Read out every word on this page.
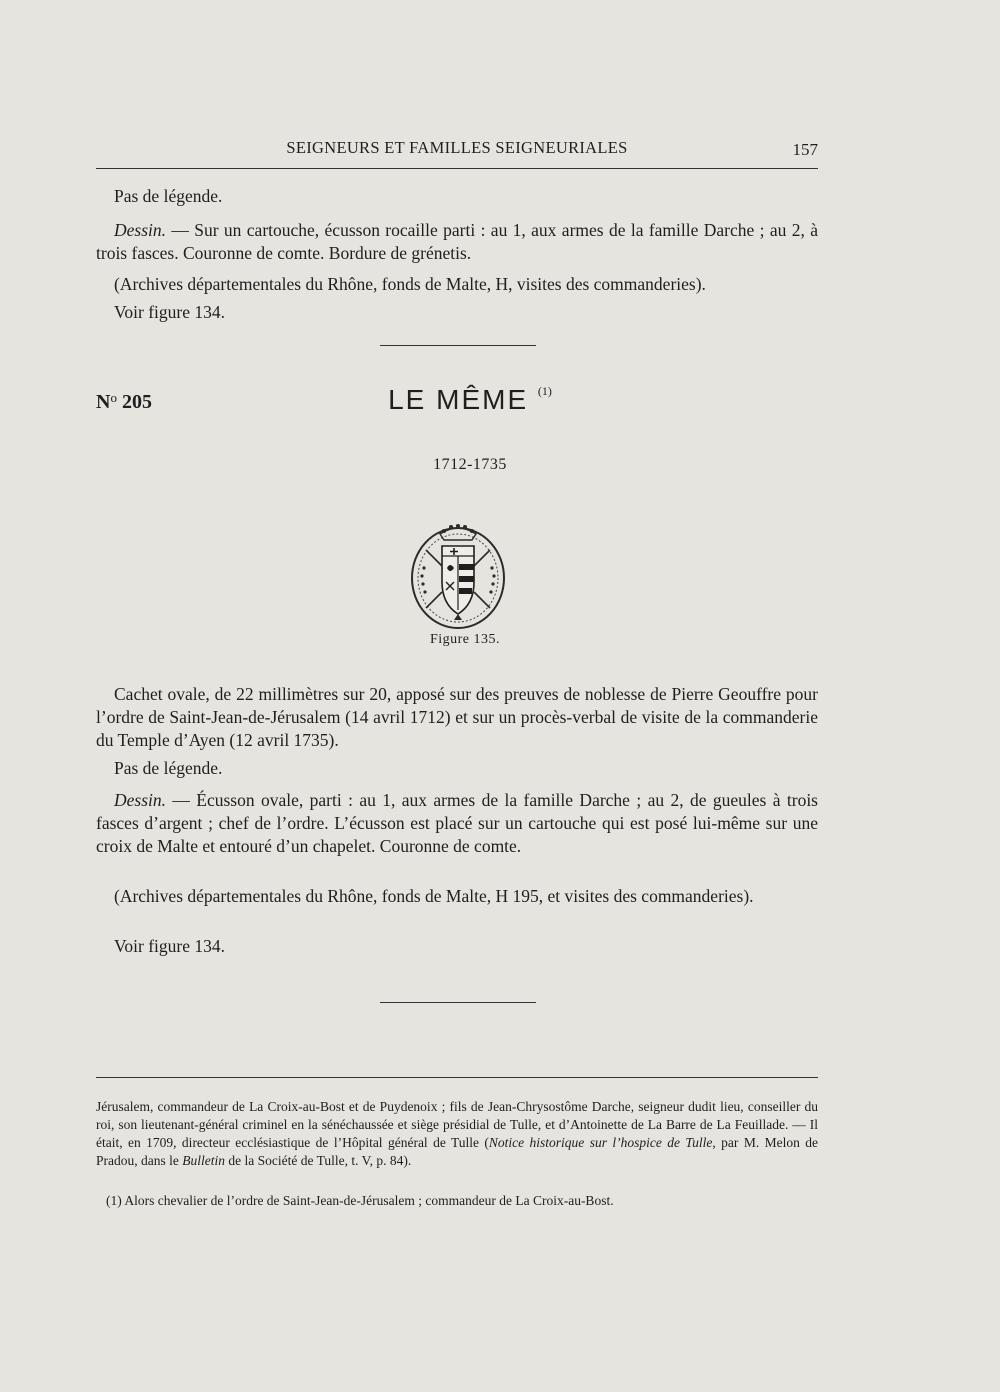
SEIGNEURS ET FAMILLES SEIGNEURIALES	157

Pas de légende.

Dessin. — Sur un cartouche, écusson rocaille parti : au 1, aux armes de la famille Darche ; au 2, à trois fasces. Couronne de comte. Bordure de grénetis.

(Archives départementales du Rhône, fonds de Malte, H, visites des commanderies).

Voir figure 134.

$N^o$ 205	LE MÊME $^{(1)}$
1712-1735
Figure 135.

Cachet ovale, de 22 millimètres sur 20, apposé sur des preuves de noblesse de Pierre Geouffre pour l’ordre de Saint-Jean-de-Jérusalem (14 avril 1712) et sur un procès-verbal de visite de la commanderie du Temple d’Ayen (12 avril 1735).

Pas de légende.

Dessin. — Écusson ovale, parti : au 1, aux armes de la famille Darche ; au 2, de gueules à trois fasces d’argent ; chef de l’ordre. L’écusson est placé sur un cartouche qui est posé lui-même sur une croix de Malte et entouré d’un chapelet. Couronne de comte.

(Archives départementales du Rhône, fonds de Malte, H 195, et visites des commanderies).

Voir figure 134.

Jérusalem, commandeur de La Croix-au-Bost et de Puydenoix ; fils de Jean-Chrysostôme Darche, seigneur dudit lieu, conseiller du roi, son lieutenant-général criminel en la sénéchaussée et siège présidial de Tulle, et d’Antoinette de La Barre de La Feuillade. — Il était, en 1709, directeur ecclésiastique de l’Hôpital général de Tulle (Notice historique sur l’hospice de Tulle, par M. Melon de Pradou, dans le Bulletin de la Société de Tulle, t. V, p. 84).

(1) Alors chevalier de l’ordre de Saint-Jean-de-Jérusalem ; commandeur de La Croix-au-Bost.
